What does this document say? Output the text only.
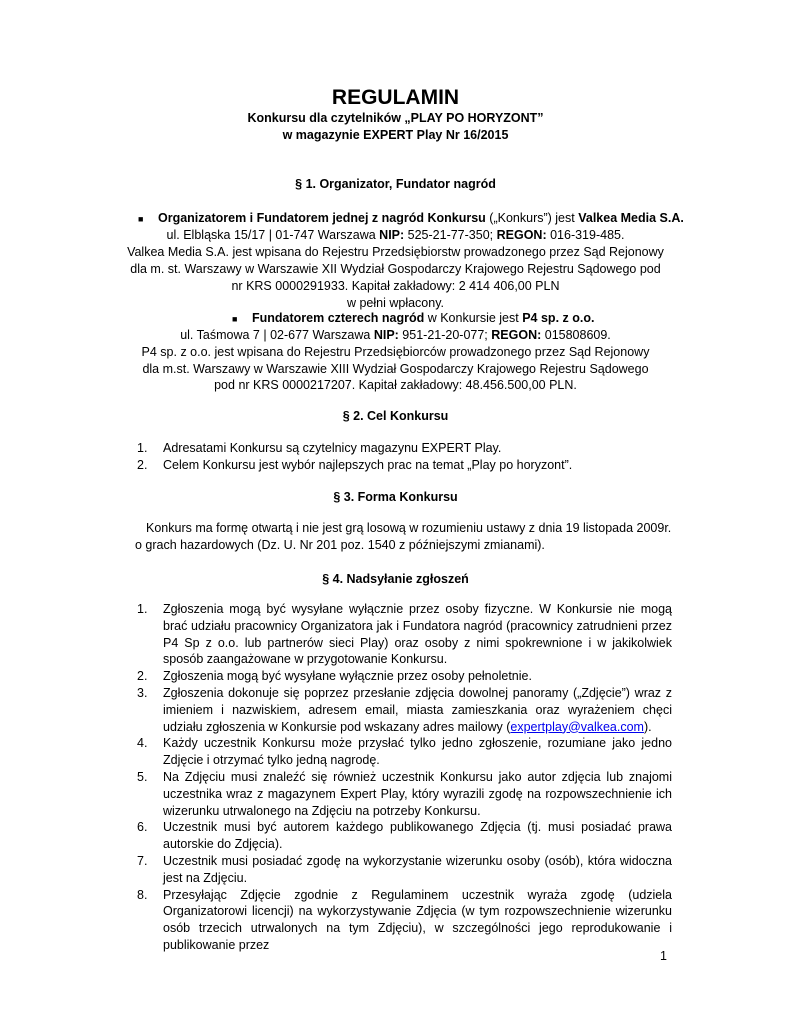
REGULAMIN
Konkursu dla czytelników „PLAY PO HORYZONT”
w magazynie EXPERT Play Nr 16/2015
§ 1. Organizator, Fundator nagród
■ Organizatorem i Fundatorem jednej z nagród Konkursu („Konkurs”) jest Valkea Media S.A.
ul. Elbląska 15/17 | 01-747 Warszawa NIP: 525-21-77-350; REGON: 016-319-485.
Valkea Media S.A. jest wpisana do Rejestru Przedsiębiorstw prowadzonego przez Sąd Rejonowy
dla m. st. Warszawy w Warszawie XII Wydział Gospodarczy Krajowego Rejestru Sądowego pod
nr KRS 0000291933. Kapitał zakładowy: 2 414 406,00 PLN
w pełni wpłacony.
■ Fundatorem czterech nagród w Konkursie jest P4 sp. z o.o.
ul. Taśmowa 7 | 02-677 Warszawa NIP: 951-21-20-077; REGON: 015808609.
P4 sp. z o.o. jest wpisana do Rejestru Przedsiębiorców prowadzonego przez Sąd Rejonowy
dla m.st. Warszawy w Warszawie XIII Wydział Gospodarczy Krajowego Rejestru Sądowego
pod nr KRS 0000217207. Kapitał zakładowy: 48.456.500,00 PLN.
§ 2. Cel Konkursu
1.	Adresatami Konkursu są czytelnicy magazynu EXPERT Play.
2.	Celem Konkursu jest wybór najlepszych prac na temat „Play po horyzont”.
§ 3. Forma Konkursu
Konkurs ma formę otwartą i nie jest grą losową w rozumieniu ustawy z dnia 19 listopada 2009r.
o grach hazardowych (Dz. U. Nr 201 poz. 1540 z późniejszymi zmianami).
§ 4. Nadsyłanie zgłoszeń
1.	Zgłoszenia mogą być wysyłane wyłącznie przez osoby fizyczne. W Konkursie nie mogą brać udziału pracownicy Organizatora jak i Fundatora nagród (pracownicy zatrudnieni przez P4 Sp z o.o. lub partnerów sieci Play) oraz osoby z nimi spokrewnione i w jakikolwiek sposób zaangażowane w przygotowanie Konkursu.
2.	Zgłoszenia mogą być wysyłane wyłącznie przez osoby pełnoletnie.
3.	Zgłoszenia dokonuje się poprzez przesłanie zdjęcia dowolnej panoramy („Zdjęcie”) wraz z imieniem i nazwiskiem, adresem email, miasta zamieszkania oraz wyrażeniem chęci udziału zgłoszenia w Konkursie pod wskazany adres mailowy (expertplay@valkea.com).
4.	Każdy uczestnik Konkursu może przysłać tylko jedno zgłoszenie, rozumiane jako jedno Zdjęcie i otrzymać tylko jedną nagrodę.
5.	Na Zdjęciu musi znaleźć się również uczestnik Konkursu jako autor zdjęcia lub znajomi uczestnika wraz z magazynem Expert Play, który wyrazili zgodę na rozpowszechnienie ich wizerunku utrwalonego na Zdjęciu na potrzeby Konkursu.
6.	Uczestnik musi być autorem każdego publikowanego Zdjęcia (tj. musi posiadać prawa autorskie do Zdjęcia).
7.	Uczestnik musi posiadać zgodę na wykorzystanie wizerunku osoby (osób), która widoczna jest na Zdjęciu.
8.	Przesyłając Zdjęcie zgodnie z Regulaminem uczestnik wyraża zgodę (udziela Organizatorowi licencji) na wykorzystywanie Zdjęcia (w tym rozpowszechnienie wizerunku osób trzecich utrwalonych na tym Zdjęciu), w szczególności jego reprodukowanie i publikowanie przez
1
